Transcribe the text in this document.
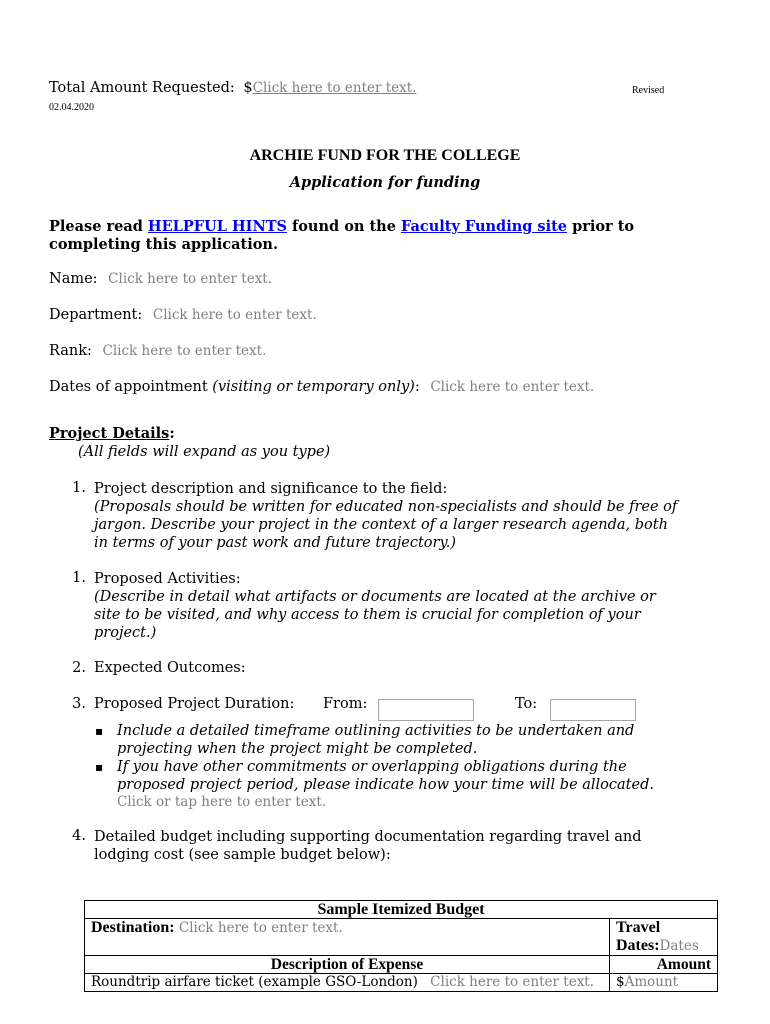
Total Amount Requested: $Click here to enter text.	Revised
02.04.2020
ARCHIE FUND FOR THE COLLEGE
Application for funding
Please read HELPFUL HINTS found on the Faculty Funding site prior to
completing this application.
Name: Click here to enter text.
Department: Click here to enter text.
Rank: Click here to enter text.
Dates of appointment (visiting or temporary only): Click here to enter text.
Project Details:
(All fields will expand as you type)
1. Project description and significance to the field:
(Proposals should be written for educated non-specialists and should be free of
jargon. Describe your project in the context of a larger research agenda, both
in terms of your past work and future trajectory.)
1. Proposed Activities:
(Describe in detail what artifacts or documents are located at the archive or
site to be visited, and why access to them is crucial for completion of your
project.)
2. Expected Outcomes:
3. Proposed Project Duration: From:	To:
▪ Include a detailed timeframe outlining activities to be undertaken and
projecting when the project might be completed.
▪ If you have other commitments or overlapping obligations during the
proposed project period, please indicate how your time will be allocated.
Click or tap here to enter text.
4. Detailed budget including supporting documentation regarding travel and
lodging cost (see sample budget below):
Sample Itemized Budget	
Destination: Click here to enter text.	Travel Dates:Dates
Description of Expense	Amount
Roundtrip airfare ticket (example GSO-London) Click here to enter text.	$Amount
